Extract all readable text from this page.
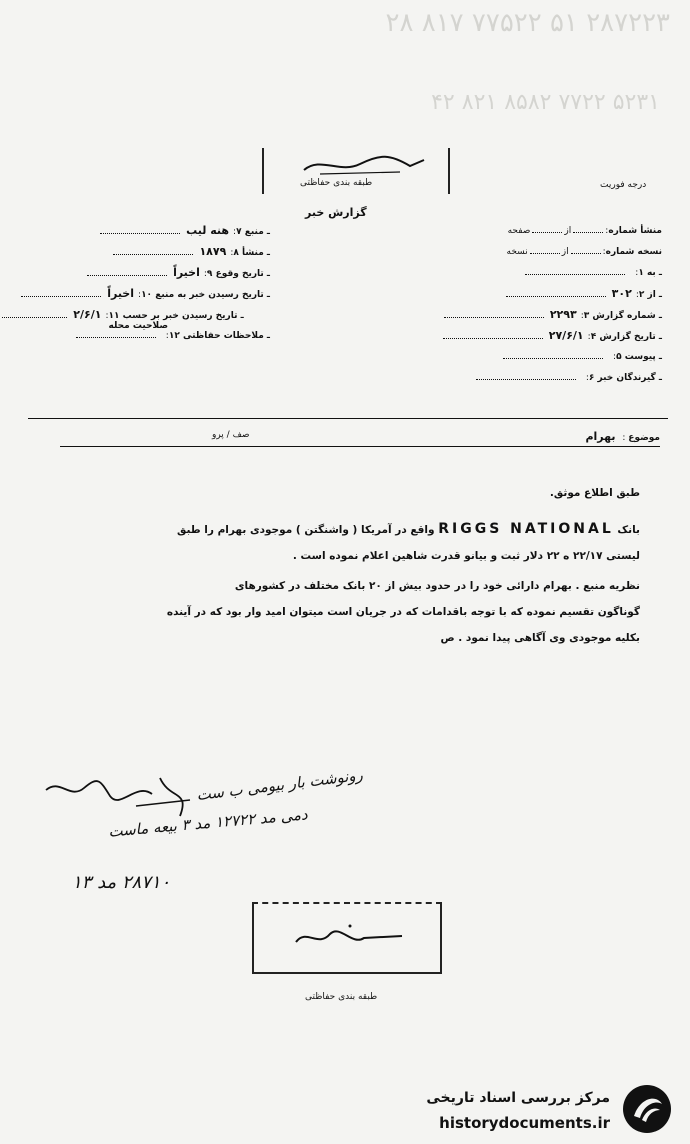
۲۸۷۲۲۳ ۵۱ ۷۷۵۲۲ ۸۱۷ ۲۸
۵۲۳۱ ۷۷۲۲ ۸۵۸۲ ۸۲۱ ۴۲
طبقه بندی حفاظتی
گزارش خبر
درجه فوریت
منشأ شماره
:
از
صفحه
نسخه شماره
:
از
نسخه
۱ ـ به
:
۲ ـ از
:
۳۰۲
۳ ـ شماره گزارش
:
۲۲۹۳
۴ ـ تاریخ گزارش
:
۲۷/۶/۱
۵ ـ پیوست
:
۶ ـ گیرندگان خبر
:
۷ ـ منبع
:
هنه لیب
۸ ـ منشأ
:
۱۸۷۹
۹ ـ تاریخ وقوع
:
اخیراً
۱۰ ـ تاریخ رسیدن خبر به منبع
:
اخیراً
۱۱ ـ تاریخ رسیدن خبر بر حسب صلاحیت محله
:
۲/۶/۱
۱۲ ـ ملاحظات حفاظتی
:
موضوع : بهرام
صف / پرو
طبق اطلاع موثق.
بانک RIGGS NATIONAL واقع در آمریکا ( واشنگتن ) موجودی بهرام را طبق
لیستی ۲۲/۱۷ ه ۲۲ دلار ثبت و بیانو قدرت شاهین اعلام نموده است .
نظریه منبع . بهرام دارائی خود را در حدود بیش از ۲۰ بانک مختلف در کشورهای
گوناگون تقسیم نموده که با توجه باقدامات که در جریان است میتوان امید وار بود که در آینده
بکلیه موجودی وی آگاهی پیدا نمود . ص
رونوشت بار بیومی ب ست
دمی مد ۱۲۷۲۲ مد ۳ بیعه ماست
۲۸۷۱۰ مد ۱۳
طبقه بندی حفاظتی
مرکز بررسی اسناد تاریخی
historydocuments.ir
